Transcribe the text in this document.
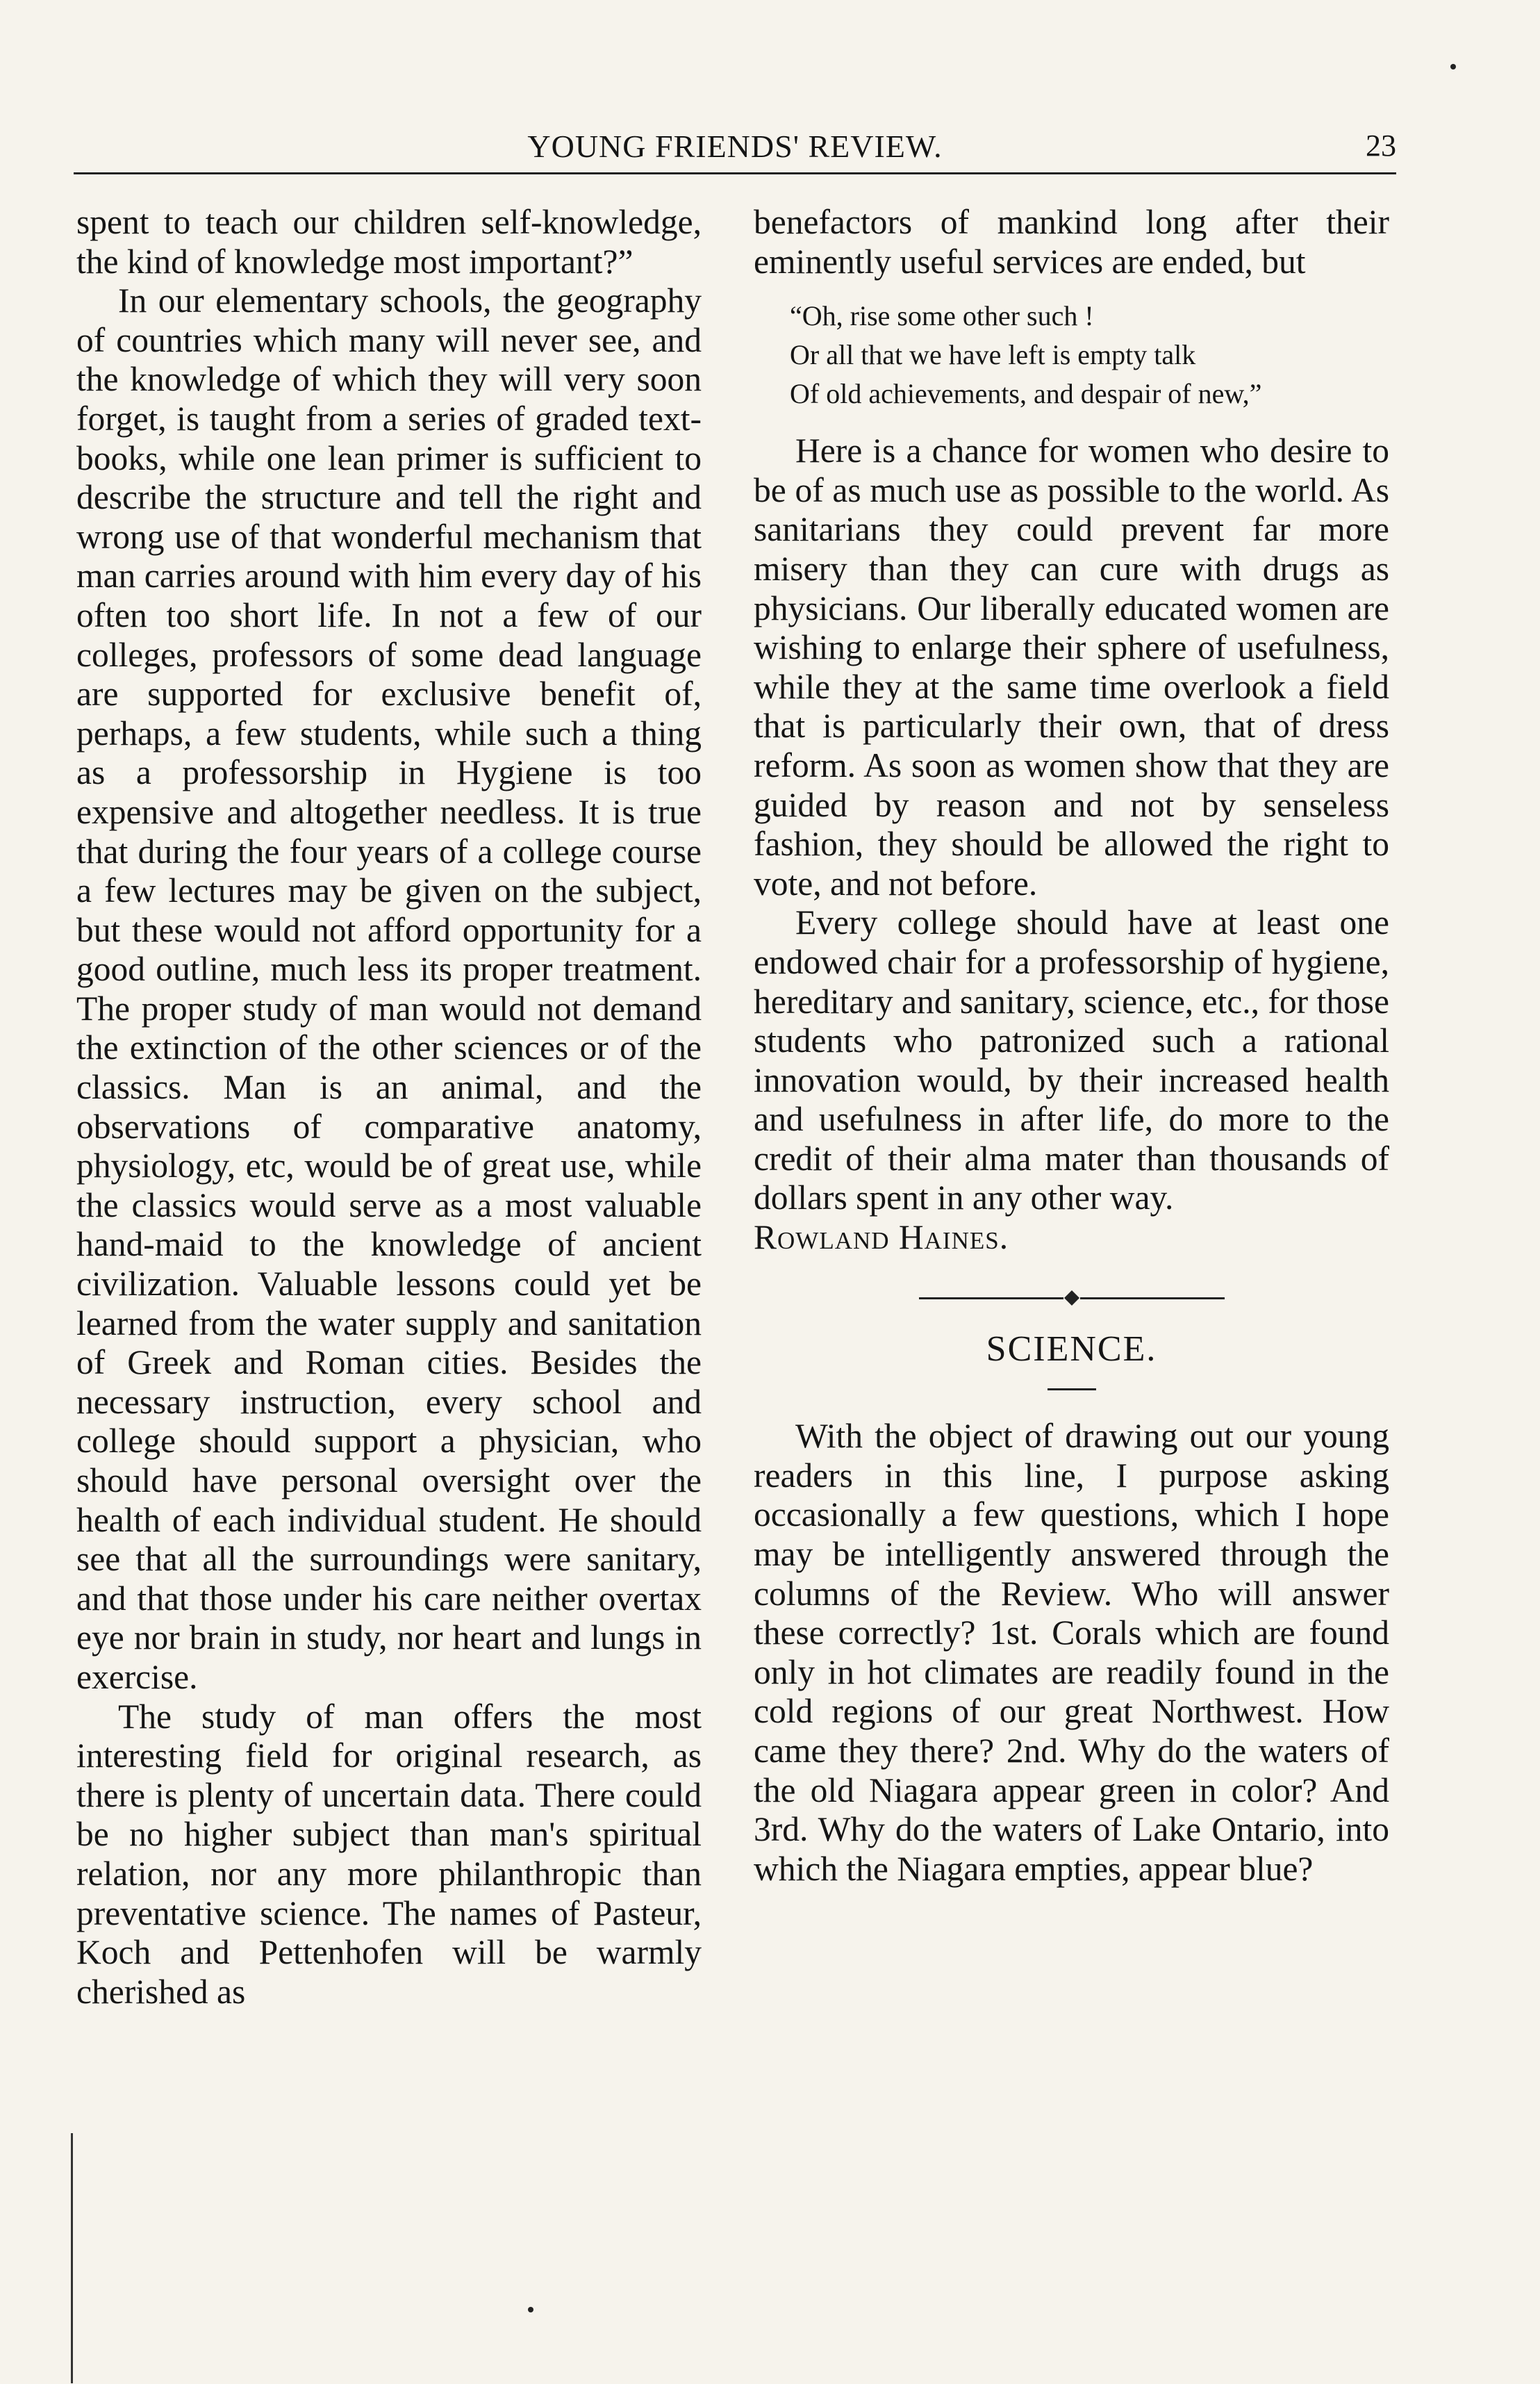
YOUNG FRIENDS' REVIEW.	23

spent to teach our children self-knowledge, the kind of knowledge most important?”

In our elementary schools, the geography of countries which many will never see, and the knowledge of which they will very soon forget, is taught from a series of graded text-books, while one lean primer is sufficient to describe the structure and tell the right and wrong use of that wonderful mechanism that man carries around with him every day of his often too short life. In not a few of our colleges, professors of some dead language are supported for exclusive benefit of, perhaps, a few students, while such a thing as a professorship in Hygiene is too expensive and altogether needless. It is true that during the four years of a college course a few lectures may be given on the subject, but these would not afford opportunity for a good outline, much less its proper treatment. The proper study of man would not demand the extinction of the other sciences or of the classics. Man is an animal, and the observations of comparative anatomy, physiology, etc, would be of great use, while the classics would serve as a most valuable hand-maid to the knowledge of ancient civilization. Valuable lessons could yet be learned from the water supply and sanitation of Greek and Roman cities. Besides the necessary instruction, every school and college should support a physician, who should have personal oversight over the health of each individual student. He should see that all the surroundings were sanitary, and that those under his care neither overtax eye nor brain in study, nor heart and lungs in exercise.

The study of man offers the most interesting field for original research, as there is plenty of uncertain data. There could be no higher subject than man's spiritual relation, nor any more philanthropic than preventative science. The names of Pasteur, Koch and Pettenhofen will be warmly cherished as

benefactors of mankind long after their eminently useful services are ended, but

“Oh, rise some other such !
Or all that we have left is empty talk
Of old achievements, and despair of new,”

Here is a chance for women who desire to be of as much use as possible to the world. As sanitarians they could prevent far more misery than they can cure with drugs as physicians. Our liberally educated women are wishing to enlarge their sphere of usefulness, while they at the same time overlook a field that is particularly their own, that of dress reform. As soon as women show that they are guided by reason and not by senseless fashion, they should be allowed the right to vote, and not before.

Every college should have at least one endowed chair for a professorship of hygiene, hereditary and sanitary, science, etc., for those students who patronized such a rational innovation would, by their increased health and usefulness in after life, do more to the credit of their alma mater than thousands of dollars spent in any other way.

Rowland Haines.

SCIENCE.

With the object of drawing out our young readers in this line, I purpose asking occasionally a few questions, which I hope may be intelligently answered through the columns of the Review. Who will answer these correctly? 1st. Corals which are found only in hot climates are readily found in the cold regions of our great Northwest. How came they there? 2nd. Why do the waters of the old Niagara appear green in color? And 3rd. Why do the waters of Lake Ontario, into which the Niagara empties, appear blue?
